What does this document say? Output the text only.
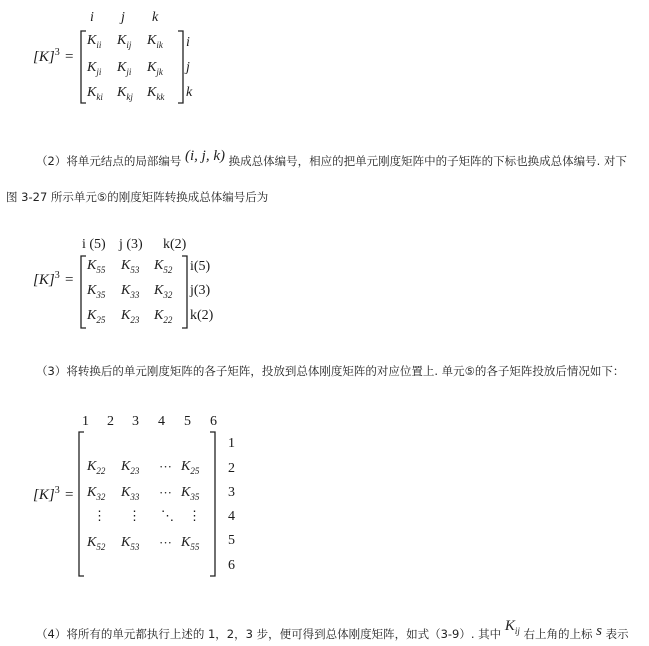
i j k
$[K]^3$ =
$K_{ii}$ $K_{ij}$ $K_{ik}$
$K_{ji}$ $K_{ji}$ $K_{jk}$
$K_{ki}$ $K_{kj}$ $K_{kk}$
i
j
k
（2）将单元结点的局部编号 (i, j, k) 换成总体编号，相应的把单元刚度矩阵中的子矩阵的下标也换成总体编号. 对下
图 3-27 所示单元⑤的刚度矩阵转换成总体编号后为
i (5) j (3) k(2)
$[K]^3$ =
$K_{55}$ $K_{53}$ $K_{52}$
$K_{35}$ $K_{33}$ $K_{32}$
$K_{25}$ $K_{23}$ $K_{22}$
i(5)
j(3)
k(2)
（3）将转换后的单元刚度矩阵的各子矩阵，投放到总体刚度矩阵的对应位置上. 单元⑤的各子矩阵投放后情况如下：
1 2 3 4 5 6
$[K]^3$ =
$K_{22}$ $K_{23}$ ··· $K_{25}$
$K_{32}$ $K_{33}$ ··· $K_{35}$
⋮ ⋮ ⋱ ⋮
$K_{52}$ $K_{53}$ ··· $K_{55}$
1
2
3
4
5
6
（4）将所有的单元都执行上述的 1，2，3 步，便可得到总体刚度矩阵，如式（3-9）. 其中 $K_{ij}$ 右上角的上标 s 表示
